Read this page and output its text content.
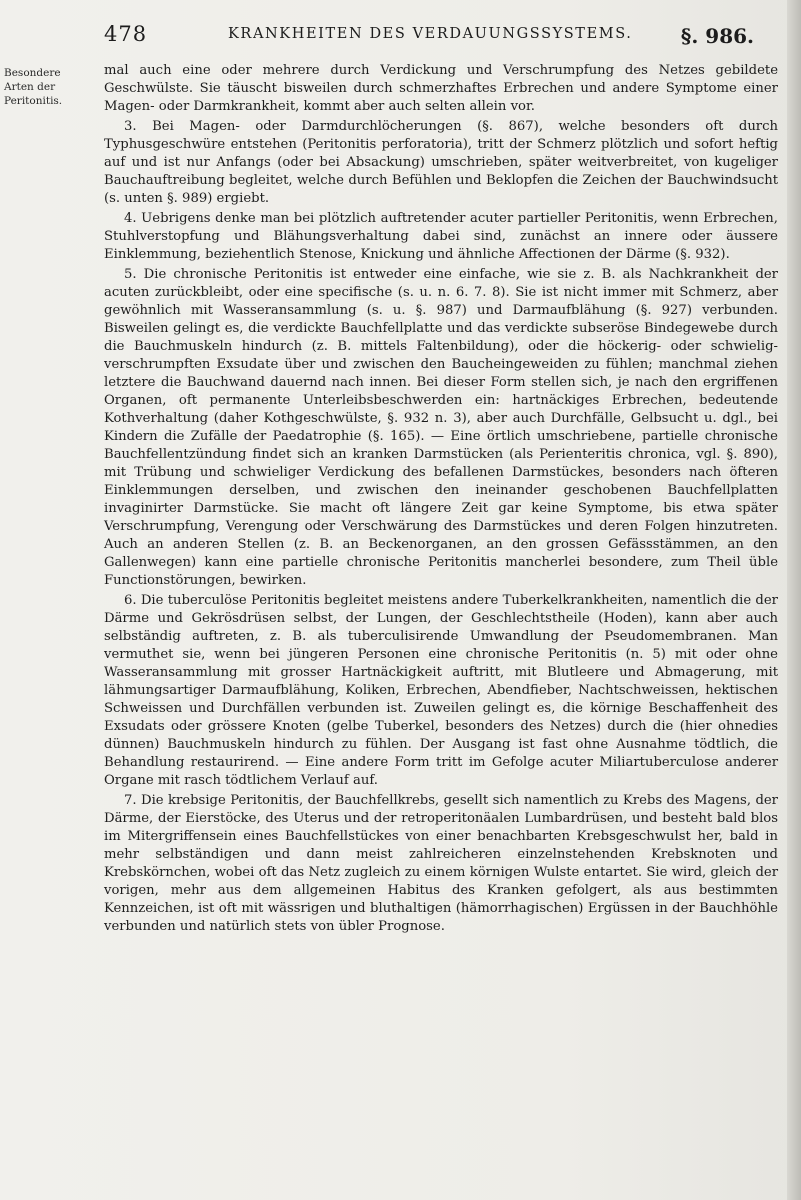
478	KRANKHEITEN DES VERDAUUNGSSYSTEMS. §. 986.
Besondere Arten der Peritonitis.

mal auch eine oder mehrere durch Verdickung und Verschrumpfung des Netzes gebildete Geschwülste. Sie täuscht bisweilen durch schmerzhaftes Erbrechen und andere Symptome einer Magen- oder Darmkrankheit, kommt aber auch selten allein vor.

3. Bei Magen- oder Darmdurchlöcherungen (§. 867), welche besonders oft durch Typhusgeschwüre entstehen (Peritonitis perforatoria), tritt der Schmerz plötzlich und sofort heftig auf und ist nur Anfangs (oder bei Absackung) umschrieben, später weitverbreitet, von kugeliger Bauchauftreibung begleitet, welche durch Befühlen und Beklopfen die Zeichen der Bauchwindsucht (s. unten §. 989) ergiebt.

4. Uebrigens denke man bei plötzlich auftretender acuter partieller Peritonitis, wenn Erbrechen, Stuhlverstopfung und Blähungsverhaltung dabei sind, zunächst an innere oder äussere Einklemmung, beziehentlich Stenose, Knickung und ähnliche Affectionen der Därme (§. 932).

5. Die chronische Peritonitis ist entweder eine einfache, wie sie z. B. als Nachkrankheit der acuten zurückbleibt, oder eine specifische (s. u. n. 6. 7. 8). Sie ist nicht immer mit Schmerz, aber gewöhnlich mit Wasseransammlung (s. u. §. 987) und Darmaufblähung (§. 927) verbunden. Bisweilen gelingt es, die verdickte Bauchfellplatte und das verdickte subseröse Bindegewebe durch die Bauchmuskeln hindurch (z. B. mittels Faltenbildung), oder die höckerig- oder schwielig-verschrumpften Exsudate über und zwischen den Baucheingeweiden zu fühlen; manchmal ziehen letztere die Bauchwand dauernd nach innen. Bei dieser Form stellen sich, je nach den ergriffenen Organen, oft permanente Unterleibsbeschwerden ein: hartnäckiges Erbrechen, bedeutende Kothverhaltung (daher Kothgeschwülste, §. 932 n. 3), aber auch Durchfälle, Gelbsucht u. dgl., bei Kindern die Zufälle der Paedatrophie (§. 165). — Eine örtlich umschriebene, partielle chronische Bauchfellentzündung findet sich an kranken Darmstücken (als Perienteritis chronica, vgl. §. 890), mit Trübung und schwieliger Verdickung des befallenen Darmstückes, besonders nach öfteren Einklemmungen derselben, und zwischen den ineinander geschobenen Bauchfellplatten invaginirter Darmstücke. Sie macht oft längere Zeit gar keine Symptome, bis etwa später Verschrumpfung, Verengung oder Verschwärung des Darmstückes und deren Folgen hinzutreten. Auch an anderen Stellen (z. B. an Beckenorganen, an den grossen Gefässstämmen, an den Gallenwegen) kann eine partielle chronische Peritonitis mancherlei besondere, zum Theil üble Functionstörungen, bewirken.

6. Die tuberculöse Peritonitis begleitet meistens andere Tuberkelkrankheiten, namentlich die der Därme und Gekrösdrüsen selbst, der Lungen, der Geschlechtstheile (Hoden), kann aber auch selbständig auftreten, z. B. als tuberculisirende Umwandlung der Pseudomembranen. Man vermuthet sie, wenn bei jüngeren Personen eine chronische Peritonitis (n. 5) mit oder ohne Wasseransammlung mit grosser Hartnäckigkeit auftritt, mit Blutleere und Abmagerung, mit lähmungsartiger Darmaufblähung, Koliken, Erbrechen, Abendfieber, Nachtschweissen, hektischen Schweissen und Durchfällen verbunden ist. Zuweilen gelingt es, die körnige Beschaffenheit des Exsudats oder grössere Knoten (gelbe Tuberkel, besonders des Netzes) durch die (hier ohnedies dünnen) Bauchmuskeln hindurch zu fühlen. Der Ausgang ist fast ohne Ausnahme tödtlich, die Behandlung restaurirend. — Eine andere Form tritt im Gefolge acuter Miliartuberculose anderer Organe mit rasch tödtlichem Verlauf auf.

7. Die krebsige Peritonitis, der Bauchfellkrebs, gesellt sich namentlich zu Krebs des Magens, der Därme, der Eierstöcke, des Uterus und der retroperitonäalen Lumbardrüsen, und besteht bald blos im Mitergriffensein eines Bauchfellstückes von einer benachbarten Krebsgeschwulst her, bald in mehr selbständigen und dann meist zahlreicheren einzelnstehenden Krebsknoten und Krebskörnchen, wobei oft das Netz zugleich zu einem körnigen Wulste entartet. Sie wird, gleich der vorigen, mehr aus dem allgemeinen Habitus des Kranken gefolgert, als aus bestimmten Kennzeichen, ist oft mit wässrigen und bluthaltigen (hämorrhagischen) Ergüssen in der Bauchhöhle verbunden und natürlich stets von übler Prognose.
